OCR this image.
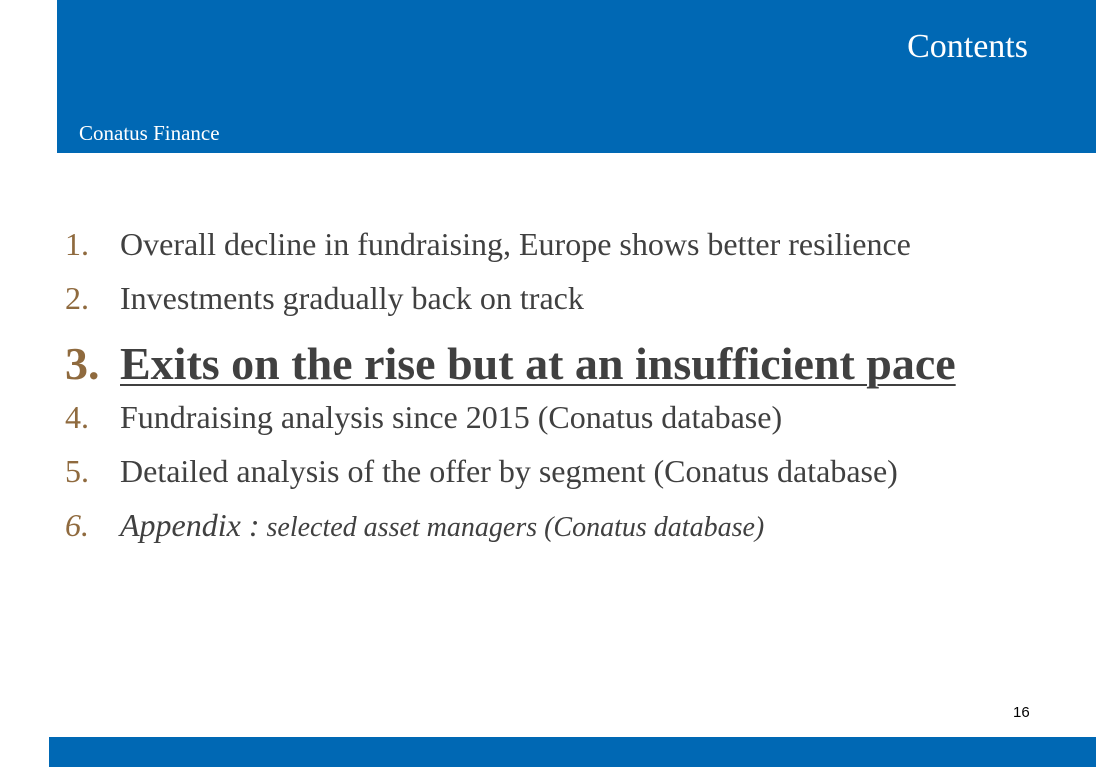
Contents
Conatus Finance
1. Overall decline in fundraising, Europe shows better resilience
2. Investments gradually back on track
3. Exits on the rise but at an insufficient pace
4. Fundraising analysis since 2015 (Conatus database)
5. Detailed analysis of the offer by segment (Conatus database)
6. Appendix : selected asset managers (Conatus database)
16
